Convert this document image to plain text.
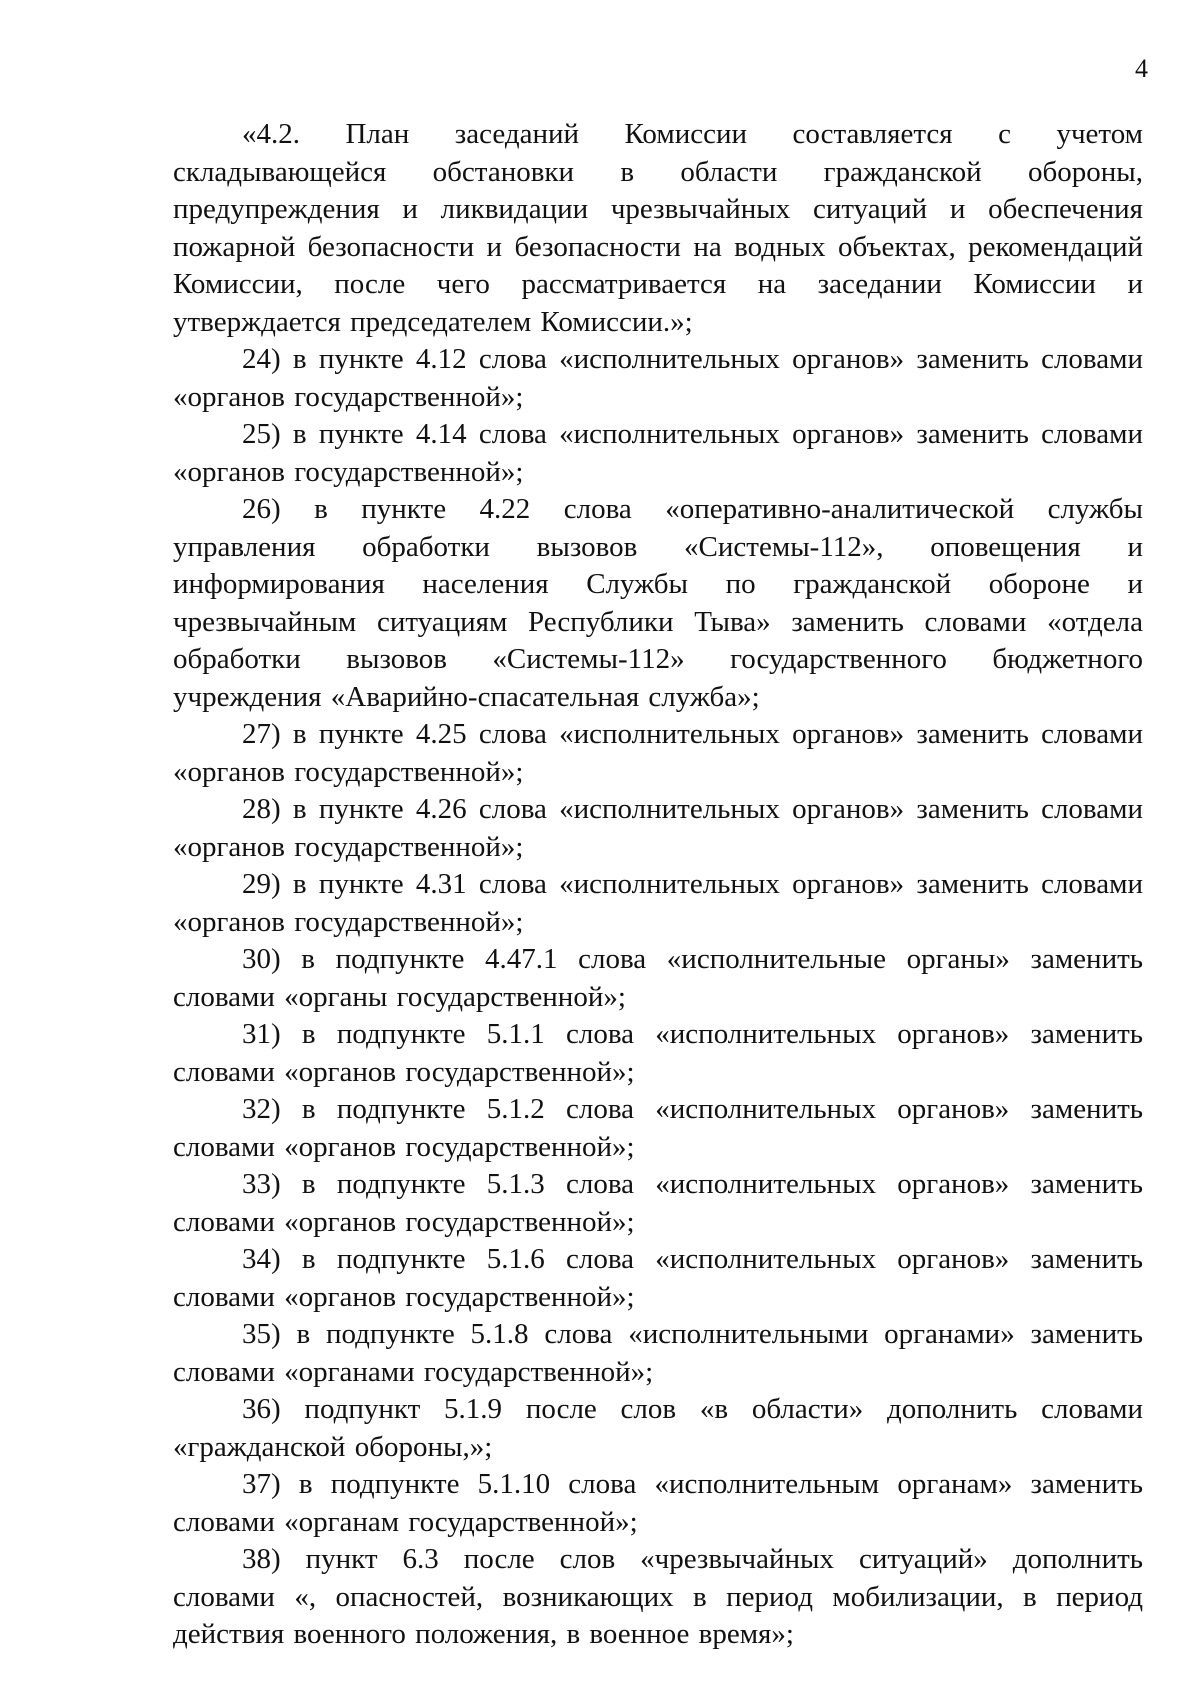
4

«4.2. План заседаний Комиссии составляется с учетом складывающейся обстановки в области гражданской обороны, предупреждения и ликвидации чрезвычайных ситуаций и обеспечения пожарной безопасности и безопасности на водных объектах, рекомендаций Комиссии, после чего рассматривается на заседании Комиссии и утверждается председателем Комиссии.»;

24) в пункте 4.12 слова «исполнительных органов» заменить словами «органов государственной»;

25) в пункте 4.14 слова «исполнительных органов» заменить словами «органов государственной»;

26) в пункте 4.22 слова «оперативно-аналитической службы управления обработки вызовов «Системы-112», оповещения и информирования населения Службы по гражданской обороне и чрезвычайным ситуациям Республики Тыва» заменить словами «отдела обработки вызовов «Системы-112» государственного бюджетного учреждения «Аварийно-спасательная служба»;

27) в пункте 4.25 слова «исполнительных органов» заменить словами «органов государственной»;

28) в пункте 4.26 слова «исполнительных органов» заменить словами «органов государственной»;

29) в пункте 4.31 слова «исполнительных органов» заменить словами «органов государственной»;

30) в подпункте 4.47.1 слова «исполнительные органы» заменить словами «органы государственной»;

31) в подпункте 5.1.1 слова «исполнительных органов» заменить словами «органов государственной»;

32) в подпункте 5.1.2 слова «исполнительных органов» заменить словами «органов государственной»;

33) в подпункте 5.1.3 слова «исполнительных органов» заменить словами «органов государственной»;

34) в подпункте 5.1.6 слова «исполнительных органов» заменить словами «органов государственной»;

35) в подпункте 5.1.8 слова «исполнительными органами» заменить словами «органами государственной»;

36) подпункт 5.1.9 после слов «в области» дополнить словами «гражданской обороны,»;

37) в подпункте 5.1.10 слова «исполнительным органам» заменить словами «органам государственной»;

38) пункт 6.3 после слов «чрезвычайных ситуаций» дополнить словами «, опасностей, возникающих в период мобилизации, в период действия военного положения, в военное время»;
